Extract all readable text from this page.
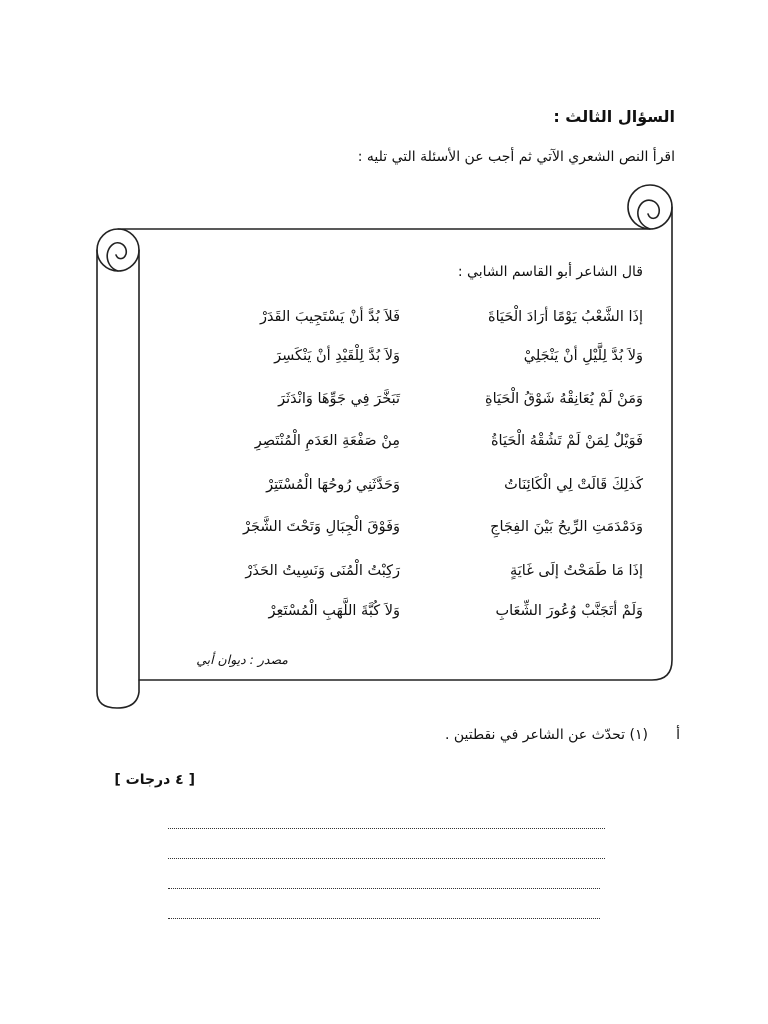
السؤال الثالث :
اقرأ النص الشعري الآتي ثم أجب عن الأسئلة التي تليه :
قال الشاعر أبو القاسم الشابي :
إذَا الشَّعْبُ يَوْمًا أرَادَ الْحَيَاةَ
فَلاَ بُدَّ أنْ يَسْتَجِيبَ القَدَرْ
وَلاَ بُدَّ لِلَّيْلِ أنْ يَنْجَلِيْ
وَلاَ بُدَّ لِلْقَيْدِ أنْ يَنْكَسِرَ
وَمَنْ لَمْ يُعَانِقْهُ شَوْقُ الْحَيَاةِ
تَبَخَّرَ فِي جَوِّهَا وَانْدَثَرَ
فَوَيْلٌ لِمَنْ لَمْ تَشُقْهُ الْحَيَاةُ
مِنْ صَفْعَةِ العَدَمِ الْمُنْتَصِرِ
كَذلِكَ قَالَتْ لِي الْكَائِنَاتُ
وَحَدَّثَنِي رُوحُهَا الْمُسْتَتِرْ
وَدَمْدَمَتِ الرِّيحُ بَيْنَ الفِجَاجِ
وَفَوْقَ الْجِبَالِ وَتَحْتَ الشَّجَرْ
إذَا مَا طَمَحْتُ إلَى غَايَةٍ
رَكِبْتُ الْمُنَى وَنَسِيتُ الحَذَرْ
وَلَمْ أتَجَنَّبْ وُعُورَ الشِّعَابِ
وَلاَ كُبَّةَ اللَّهَبِ الْمُسْتَعِرْ
مصدر : ديوان أبي
أ
(١) تحدّث عن الشاعر في نقطتين .
[ ٤ درجات ]
